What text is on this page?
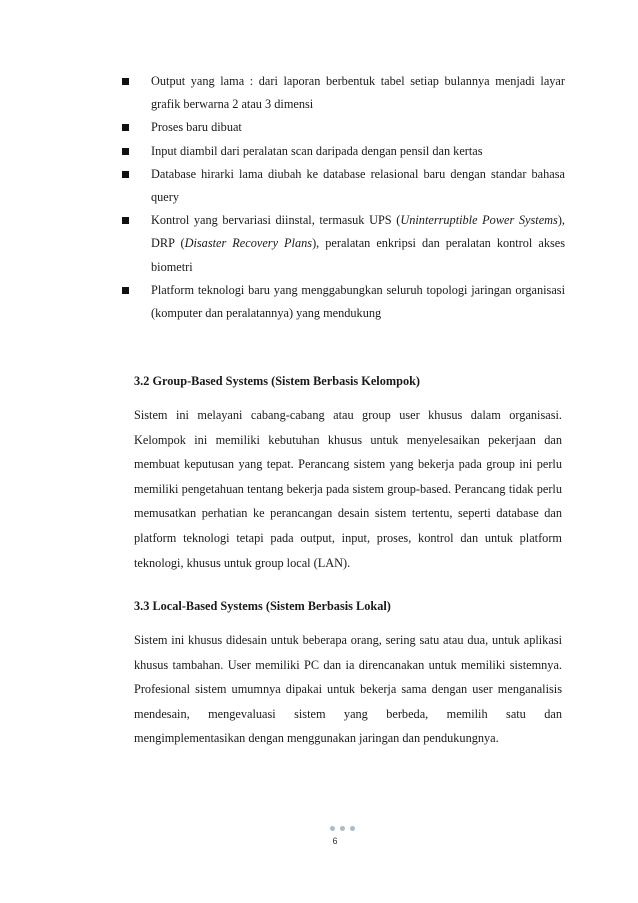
Output yang lama : dari laporan berbentuk tabel setiap bulannya menjadi layar grafik berwarna 2 atau 3 dimensi
Proses baru dibuat
Input diambil dari peralatan scan daripada dengan pensil dan kertas
Database hirarki lama diubah ke database relasional baru dengan standar bahasa query
Kontrol yang bervariasi diinstal, termasuk UPS (Uninterruptible Power Systems), DRP (Disaster Recovery Plans), peralatan enkripsi dan peralatan kontrol akses biometri
Platform teknologi baru yang menggabungkan seluruh topologi jaringan organisasi (komputer dan peralatannya) yang mendukung

3.2 Group-Based Systems (Sistem Berbasis Kelompok)

Sistem ini melayani cabang-cabang atau group user khusus dalam organisasi. Kelompok ini memiliki kebutuhan khusus untuk menyelesaikan pekerjaan dan membuat keputusan yang tepat. Perancang sistem yang bekerja pada group ini perlu memiliki pengetahuan tentang bekerja pada sistem group-based. Perancang tidak perlu memusatkan perhatian ke perancangan desain sistem tertentu, seperti database dan platform teknologi tetapi pada output, input, proses, kontrol dan untuk platform teknologi, khusus untuk group local (LAN).

3.3 Local-Based Systems (Sistem Berbasis Lokal)

Sistem ini khusus didesain untuk beberapa orang, sering satu atau dua, untuk aplikasi khusus tambahan. User memiliki PC dan ia direncanakan untuk memiliki sistemnya. Profesional sistem umumnya dipakai untuk bekerja sama dengan user menganalisis mendesain, mengevaluasi sistem yang berbeda, memilih satu dan mengimplementasikan dengan menggunakan jaringan dan pendukungnya.

6
